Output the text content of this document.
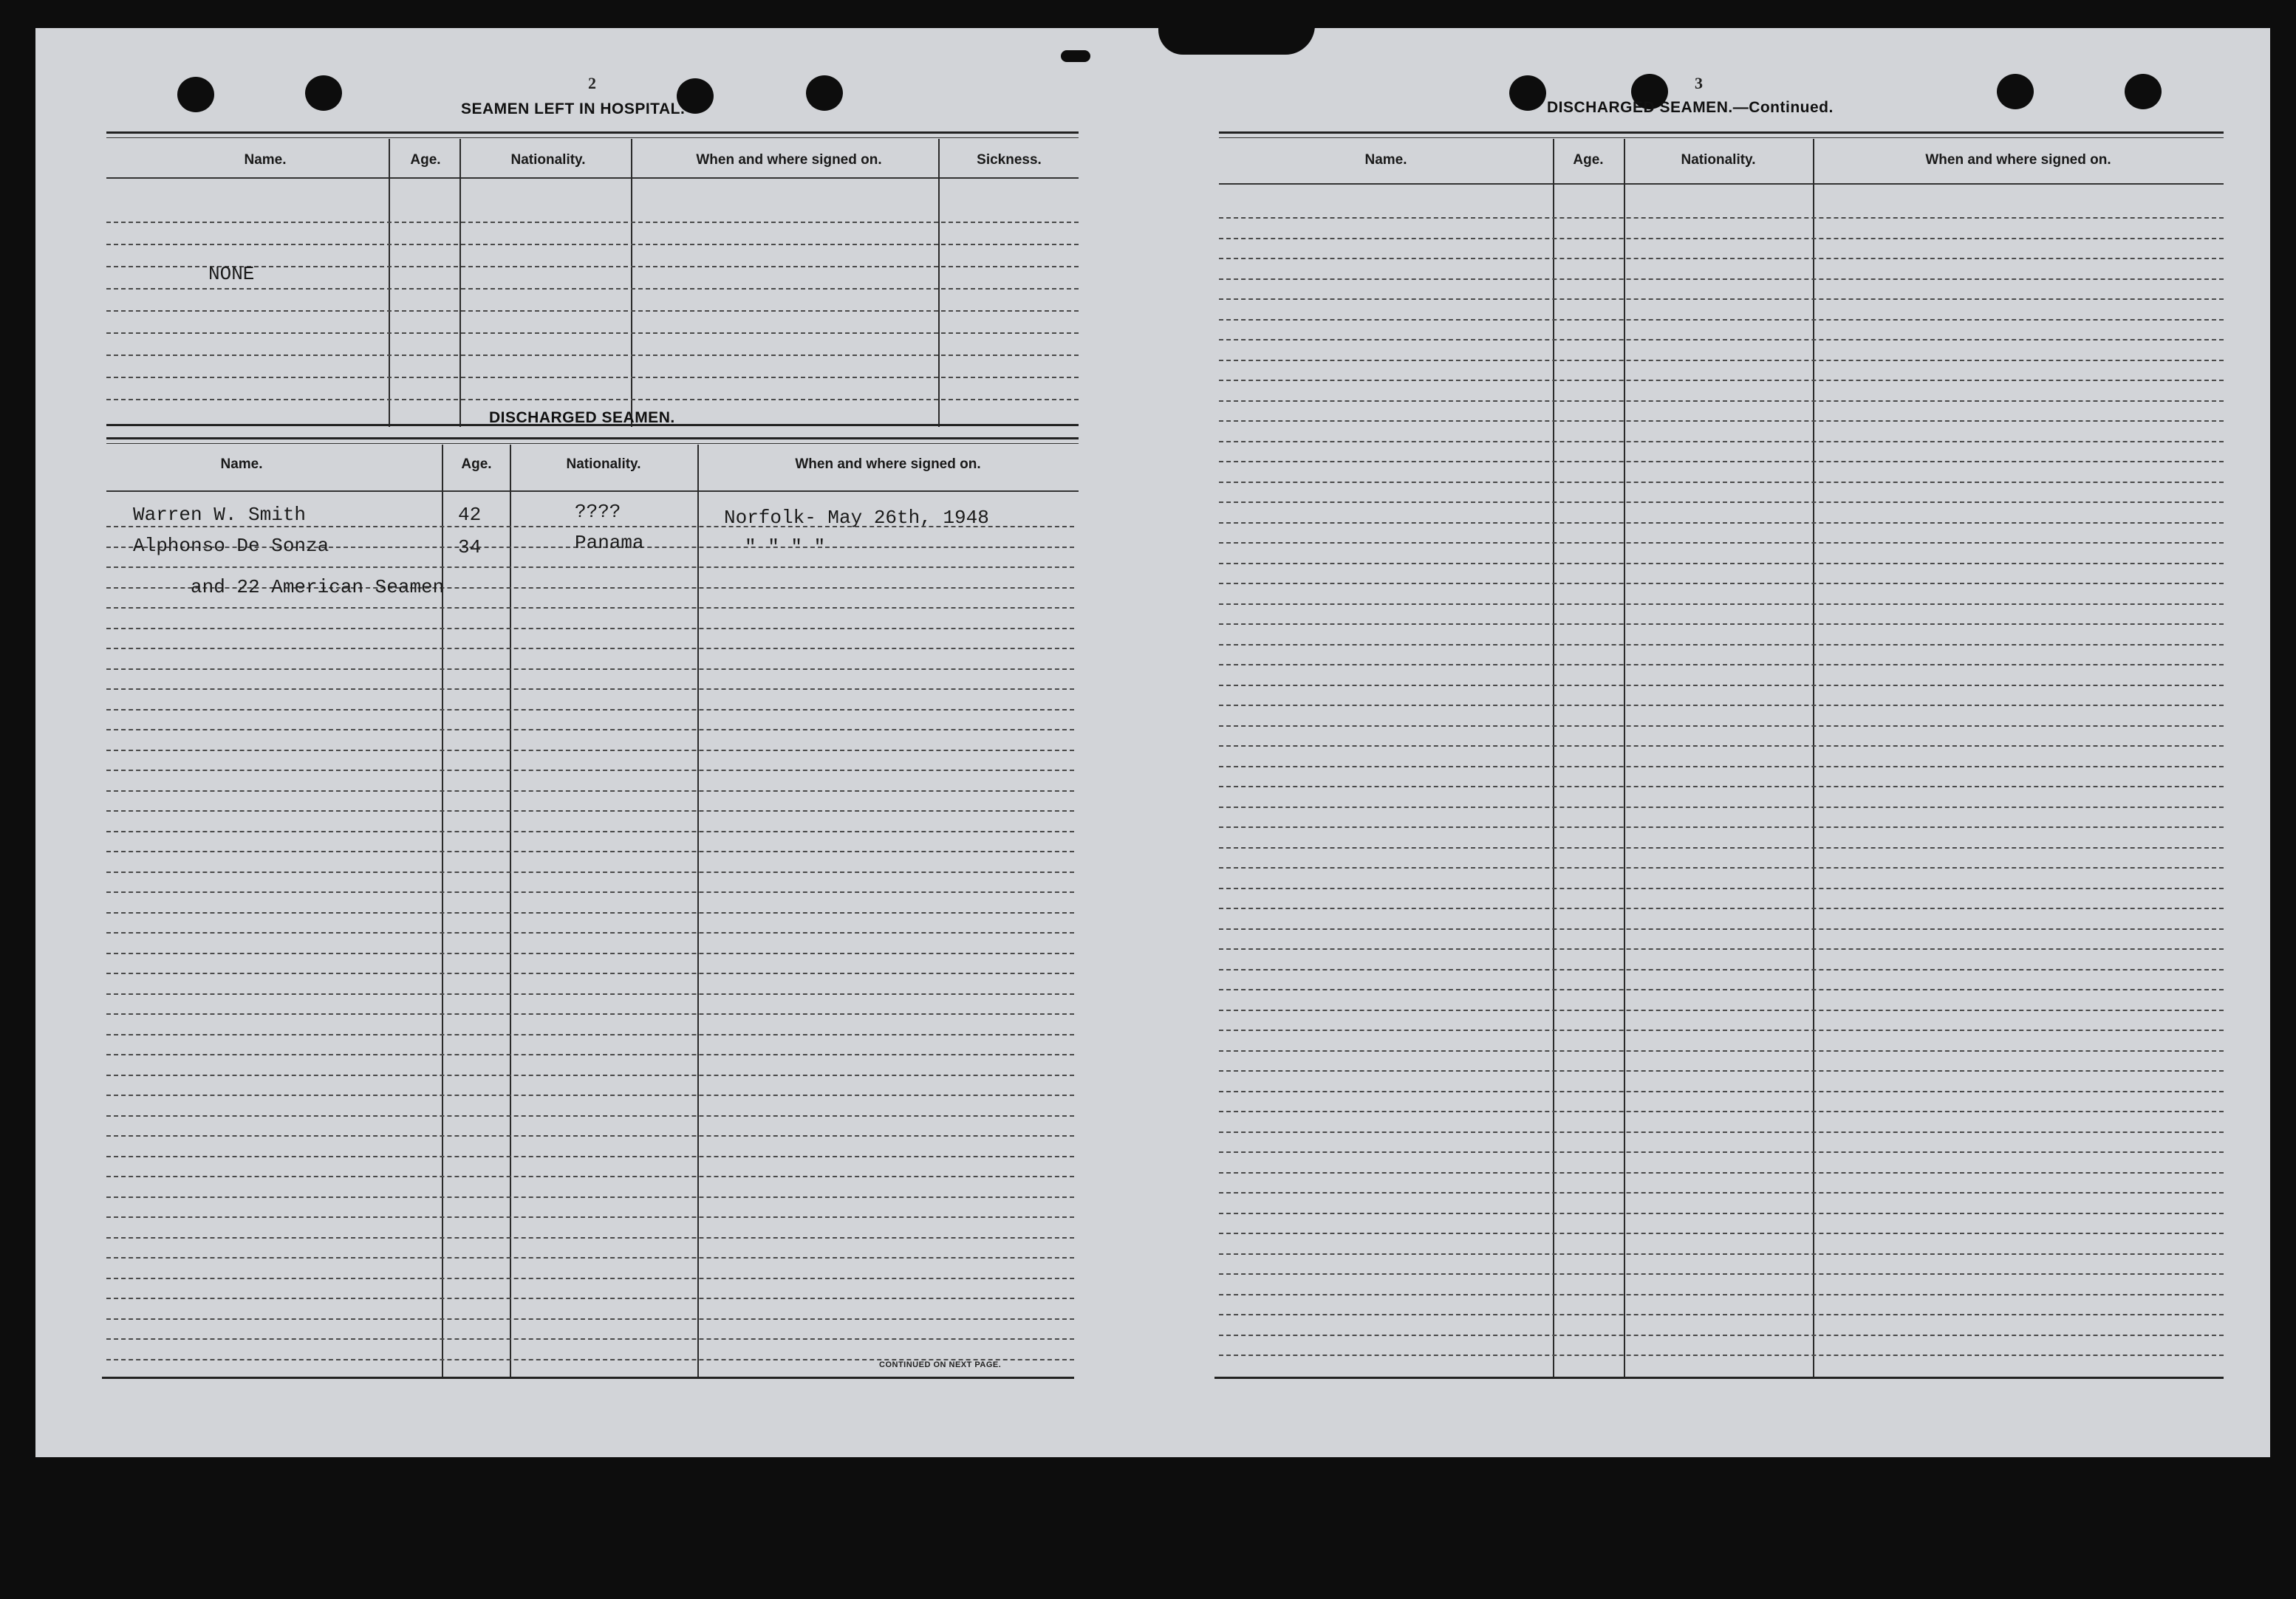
2
SEAMEN LEFT IN HOSPITAL.
Name.	Age.	Nationality.	When and where signed on.	Sickness.
NONE
DISCHARGED SEAMEN.
Name.	Age.	Nationality.	When and where signed on.
Warren W. Smith	42	????	Norfolk- May 26th, 1948
Alphonso De Sonza	34	Panama	" " " "
and 22 American Seamen
CONTINUED ON NEXT PAGE.
3
DISCHARGED SEAMEN.—Continued.
Name.	Age.	Nationality.	When and where signed on.
